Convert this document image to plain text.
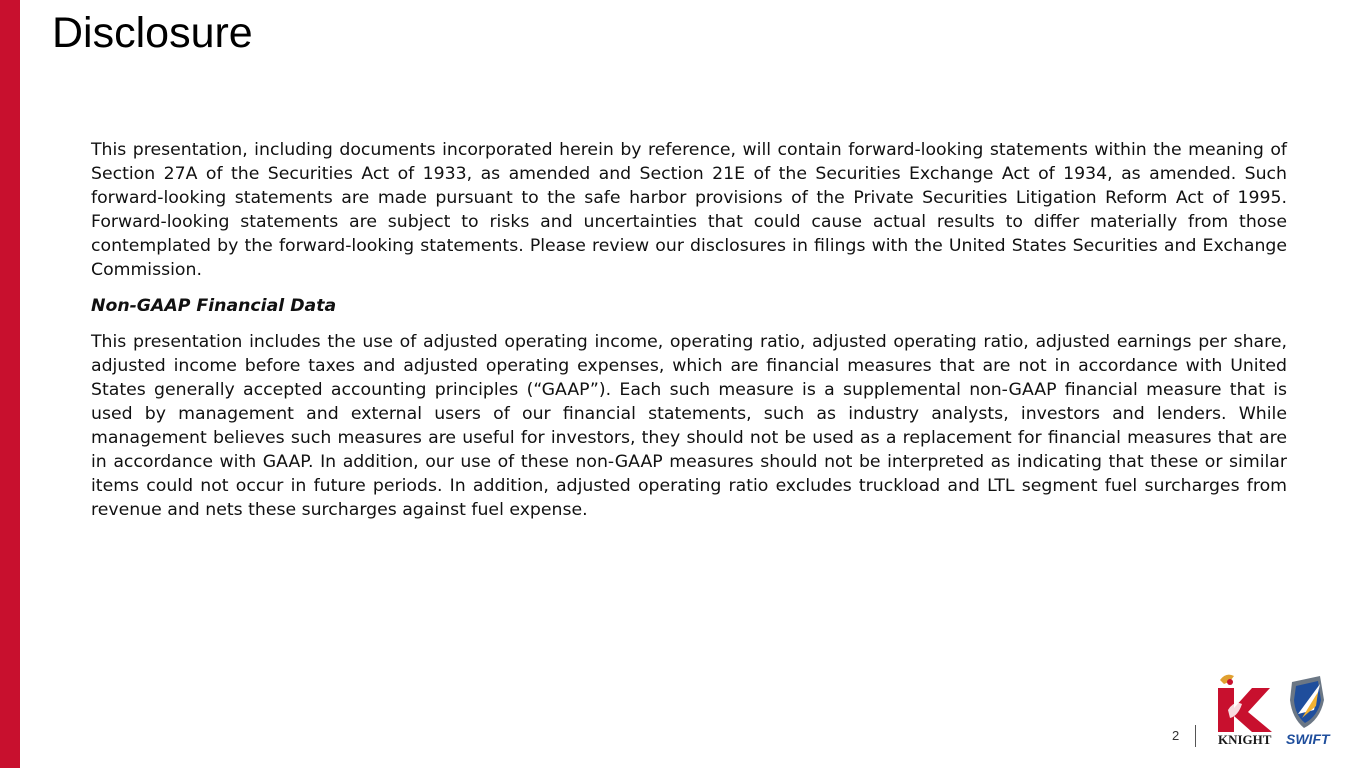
Disclosure

This presentation, including documents incorporated herein by reference, will contain forward-looking statements within the meaning of Section 27A of the Securities Act of 1933, as amended and Section 21E of the Securities Exchange Act of 1934, as amended. Such forward-looking statements are made pursuant to the safe harbor provisions of the Private Securities Litigation Reform Act of 1995. Forward-looking statements are subject to risks and uncertainties that could cause actual results to differ materially from those contemplated by the forward-looking statements. Please review our disclosures in filings with the United States Securities and Exchange Commission.

Non-GAAP Financial Data

This presentation includes the use of adjusted operating income, operating ratio, adjusted operating ratio, adjusted earnings per share, adjusted income before taxes and adjusted operating expenses, which are financial measures that are not in accordance with United States generally accepted accounting principles (“GAAP”). Each such measure is a supplemental non-GAAP financial measure that is used by management and external users of our financial statements, such as industry analysts, investors and lenders. While management believes such measures are useful for investors, they should not be used as a replacement for financial measures that are in accordance with GAAP. In addition, our use of these non-GAAP measures should not be interpreted as indicating that these or similar items could not occur in future periods. In addition, adjusted operating ratio excludes truckload and LTL segment fuel surcharges from revenue and nets these surcharges against fuel expense.

2	KNIGHT SWIFT
